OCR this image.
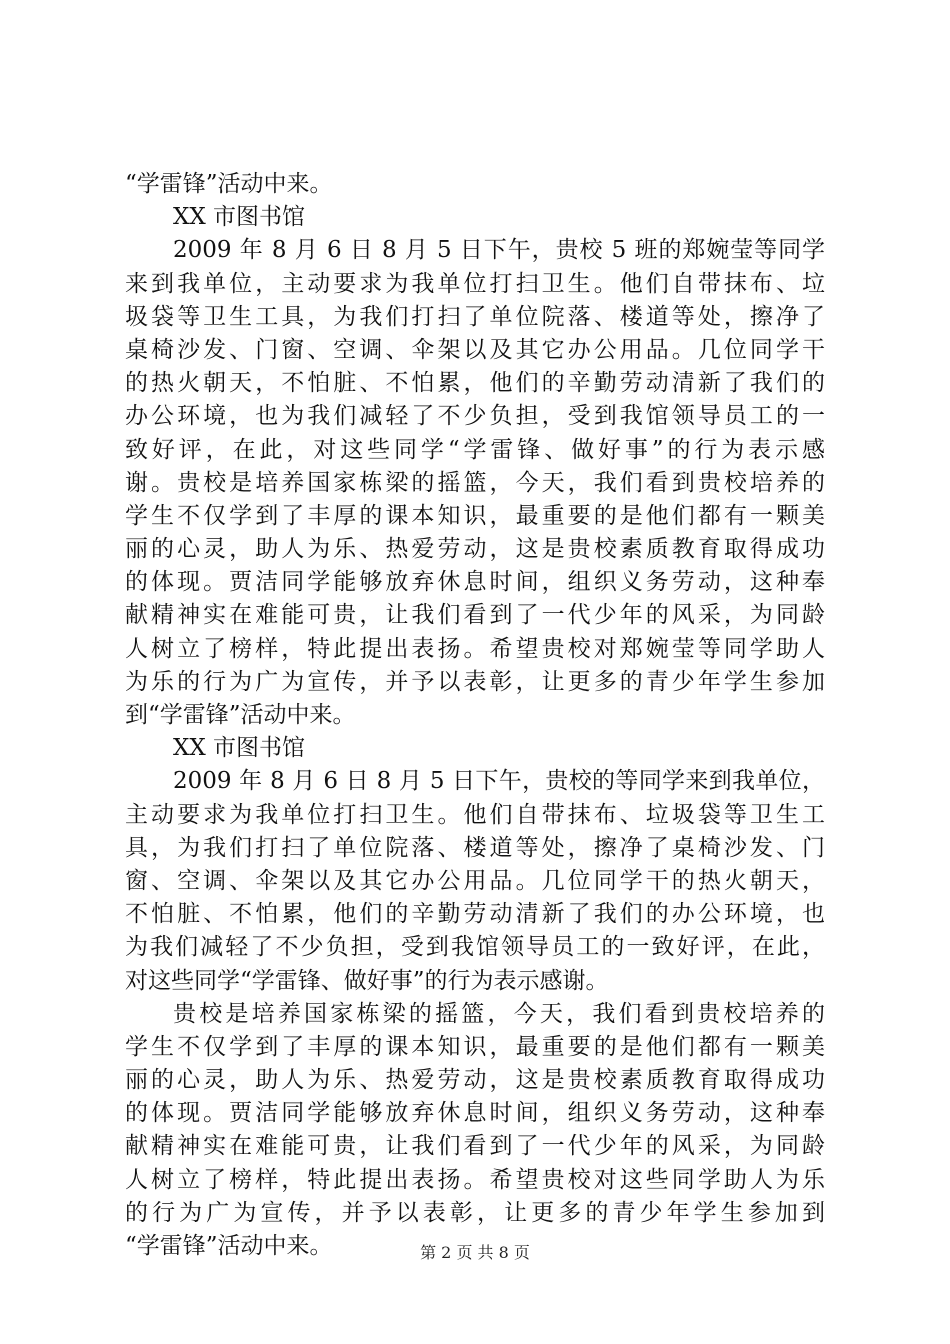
“学雷锋”活动中来。
XX 市图书馆
2009 年 8 月 6 日 8 月 5 日下午，贵校 5 班的郑婉莹等同学
来到我单位，主动要求为我单位打扫卫生。他们自带抹布、垃
圾袋等卫生工具，为我们打扫了单位院落、楼道等处，擦净了
桌椅沙发、门窗、空调、伞架以及其它办公用品。几位同学干
的热火朝天，不怕脏、不怕累，他们的辛勤劳动清新了我们的
办公环境，也为我们减轻了不少负担，受到我馆领导员工的一
致好评，在此，对这些同学“学雷锋、做好事”的行为表示感
谢。贵校是培养国家栋梁的摇篮，今天，我们看到贵校培养的
学生不仅学到了丰厚的课本知识，最重要的是他们都有一颗美
丽的心灵，助人为乐、热爱劳动，这是贵校素质教育取得成功
的体现。贾洁同学能够放弃休息时间，组织义务劳动，这种奉
献精神实在难能可贵，让我们看到了一代少年的风采，为同龄
人树立了榜样，特此提出表扬。希望贵校对郑婉莹等同学助人
为乐的行为广为宣传，并予以表彰，让更多的青少年学生参加
到“学雷锋”活动中来。
XX 市图书馆
2009 年 8 月 6 日 8 月 5 日下午，贵校的等同学来到我单位，
主动要求为我单位打扫卫生。他们自带抹布、垃圾袋等卫生工
具，为我们打扫了单位院落、楼道等处，擦净了桌椅沙发、门
窗、空调、伞架以及其它办公用品。几位同学干的热火朝天，
不怕脏、不怕累，他们的辛勤劳动清新了我们的办公环境，也
为我们减轻了不少负担，受到我馆领导员工的一致好评，在此，
对这些同学“学雷锋、做好事”的行为表示感谢。
贵校是培养国家栋梁的摇篮，今天，我们看到贵校培养的
学生不仅学到了丰厚的课本知识，最重要的是他们都有一颗美
丽的心灵，助人为乐、热爱劳动，这是贵校素质教育取得成功
的体现。贾洁同学能够放弃休息时间，组织义务劳动，这种奉
献精神实在难能可贵，让我们看到了一代少年的风采，为同龄
人树立了榜样，特此提出表扬。希望贵校对这些同学助人为乐
的行为广为宣传，并予以表彰，让更多的青少年学生参加到
“学雷锋”活动中来。	第 2 页 共 8 页
